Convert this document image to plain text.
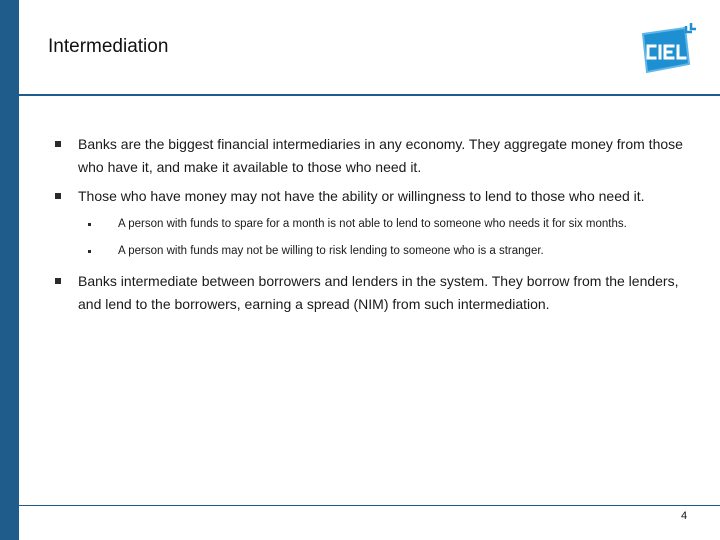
Intermediation
Banks are the biggest financial intermediaries in any economy. They aggregate money from those who have it, and make it available to those who need it.
Those who have money may not have the ability or willingness to lend to those who need it.
A person with funds to spare for a month is not able to lend to someone who needs it for six months.
A person with funds may not be willing to risk lending to someone who is a stranger.
Banks intermediate between borrowers and lenders in the system. They borrow from the lenders, and lend to the borrowers, earning a spread (NIM) from such intermediation.
4
